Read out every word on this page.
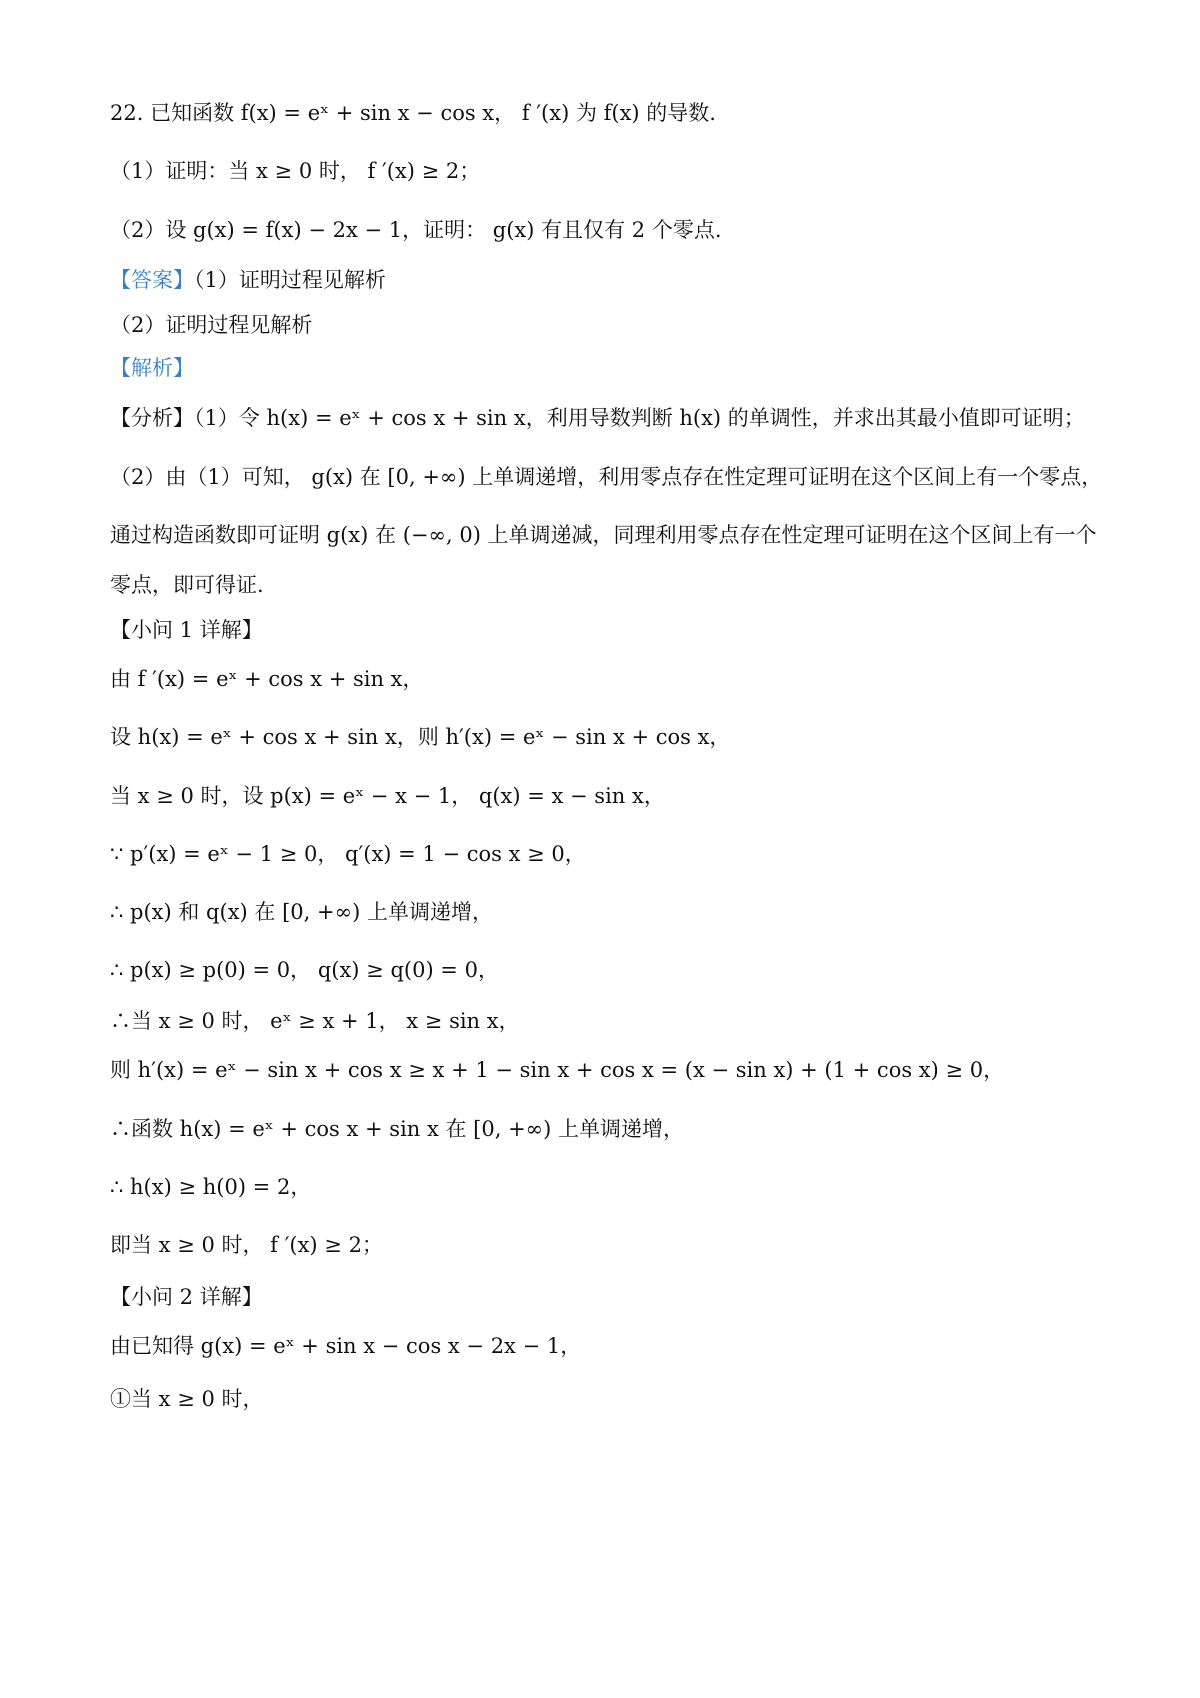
22. 已知函数 f(x) = eˣ + sin x − cos x， f ′(x) 为 f(x) 的导数.
（1）证明：当 x ≥ 0 时， f ′(x) ≥ 2；
（2）设 g(x) = f(x) − 2x − 1，证明： g(x) 有且仅有 2 个零点.
【答案】（1）证明过程见解析
（2）证明过程见解析
【解析】
【分析】（1）令 h(x) = eˣ + cos x + sin x，利用导数判断 h(x) 的单调性，并求出其最小值即可证明；
（2）由（1）可知， g(x) 在 [0, +∞) 上单调递增，利用零点存在性定理可证明在这个区间上有一个零点，
通过构造函数即可证明 g(x) 在 (−∞, 0) 上单调递减，同理利用零点存在性定理可证明在这个区间上有一个
零点，即可得证.
【小问 1 详解】
由 f ′(x) = eˣ + cos x + sin x，
设 h(x) = eˣ + cos x + sin x，则 h′(x) = eˣ − sin x + cos x，
当 x ≥ 0 时，设 p(x) = eˣ − x − 1， q(x) = x − sin x，
∵ p′(x) = eˣ − 1 ≥ 0， q′(x) = 1 − cos x ≥ 0，
∴ p(x) 和 q(x) 在 [0, +∞) 上单调递增，
∴ p(x) ≥ p(0) = 0， q(x) ≥ q(0) = 0，
∴当 x ≥ 0 时， eˣ ≥ x + 1， x ≥ sin x，
则 h′(x) = eˣ − sin x + cos x ≥ x + 1 − sin x + cos x = (x − sin x) + (1 + cos x) ≥ 0，
∴函数 h(x) = eˣ + cos x + sin x 在 [0, +∞) 上单调递增，
∴ h(x) ≥ h(0) = 2，
即当 x ≥ 0 时， f ′(x) ≥ 2；
【小问 2 详解】
由已知得 g(x) = eˣ + sin x − cos x − 2x − 1，
①当 x ≥ 0 时，
